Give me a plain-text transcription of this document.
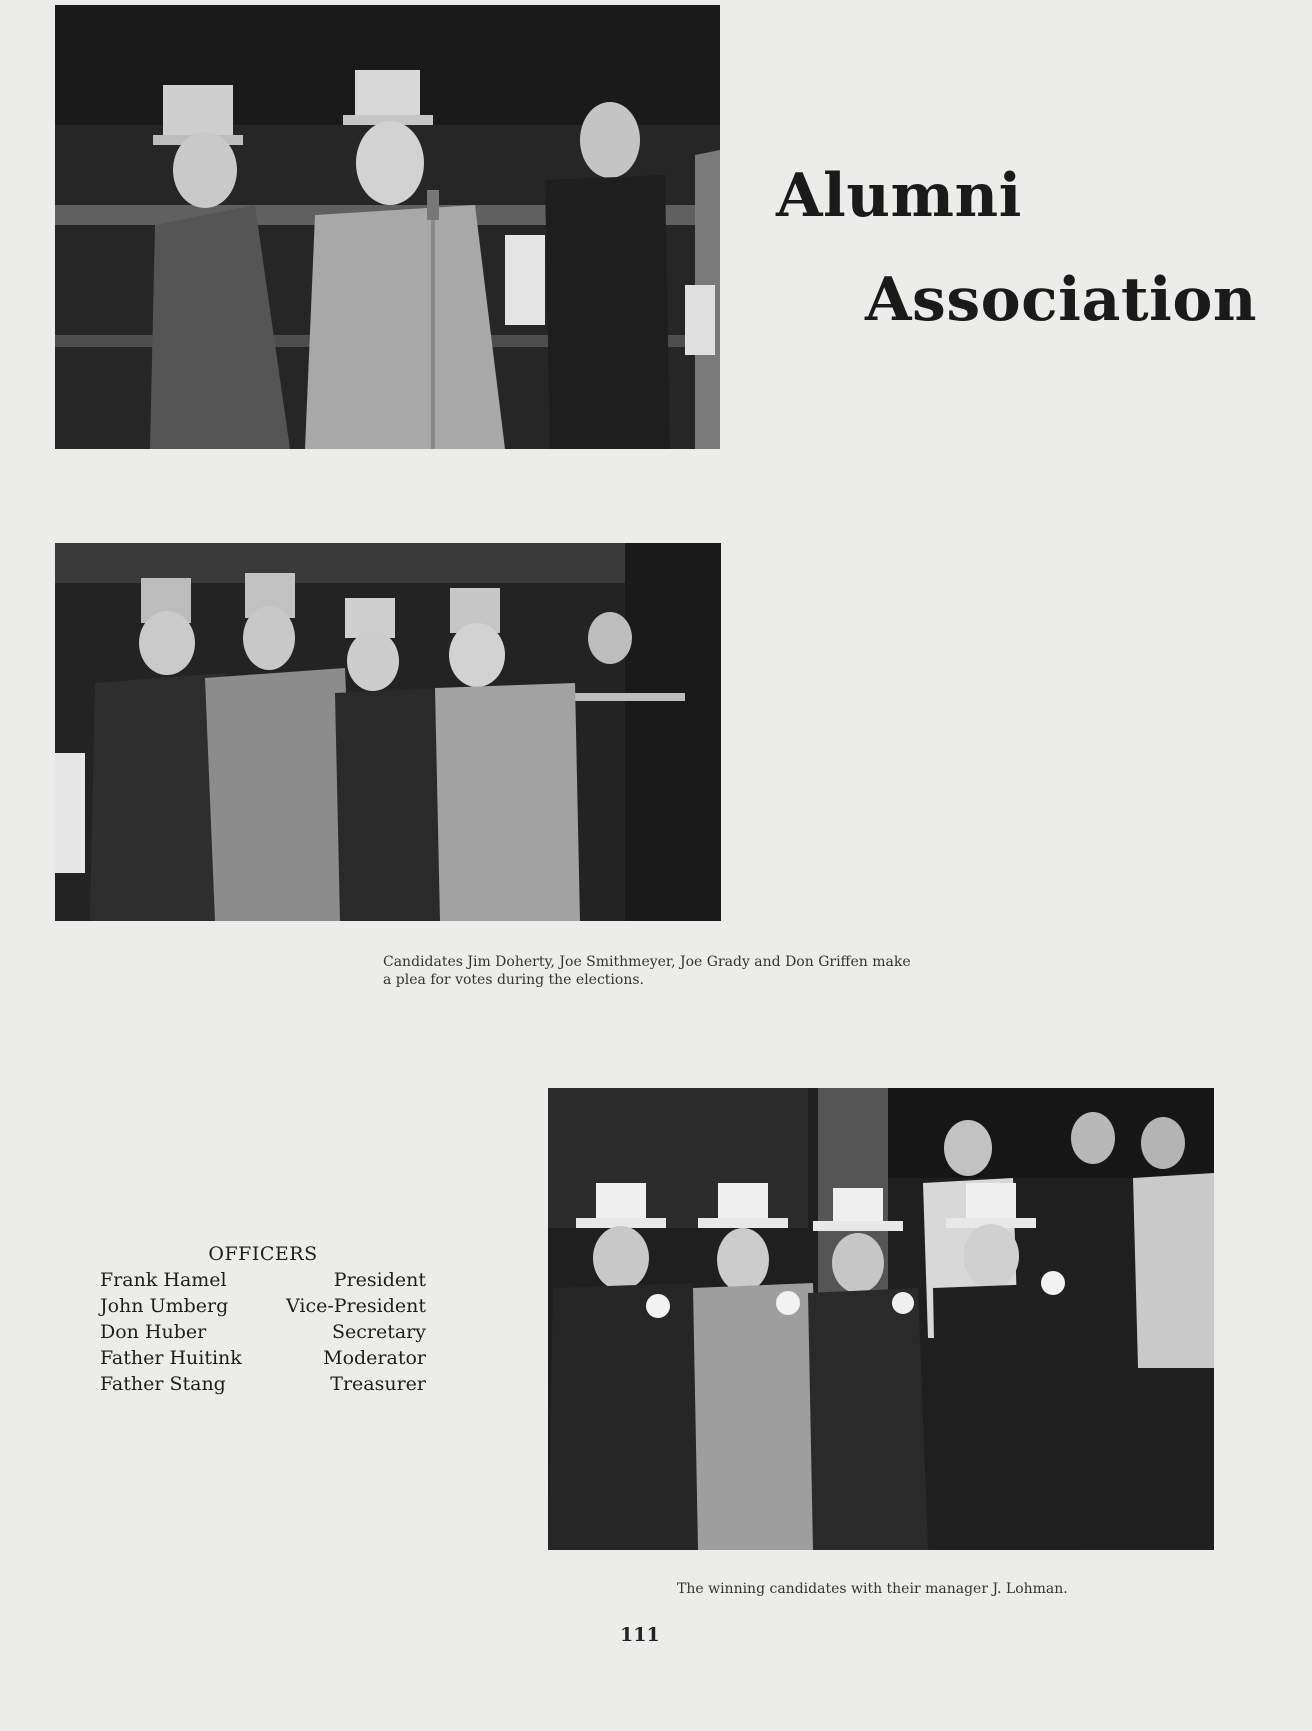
Alumni
Association
Candidates Jim Doherty, Joe Smithmeyer, Joe Grady and Don Griffen make a plea for votes during the elections.
OFFICERS
Frank Hamel	President
John Umberg	Vice-President
Don Huber	Secretary
Father Huitink	Moderator
Father Stang	Treasurer
The winning candidates with their manager J. Lohman.
111
